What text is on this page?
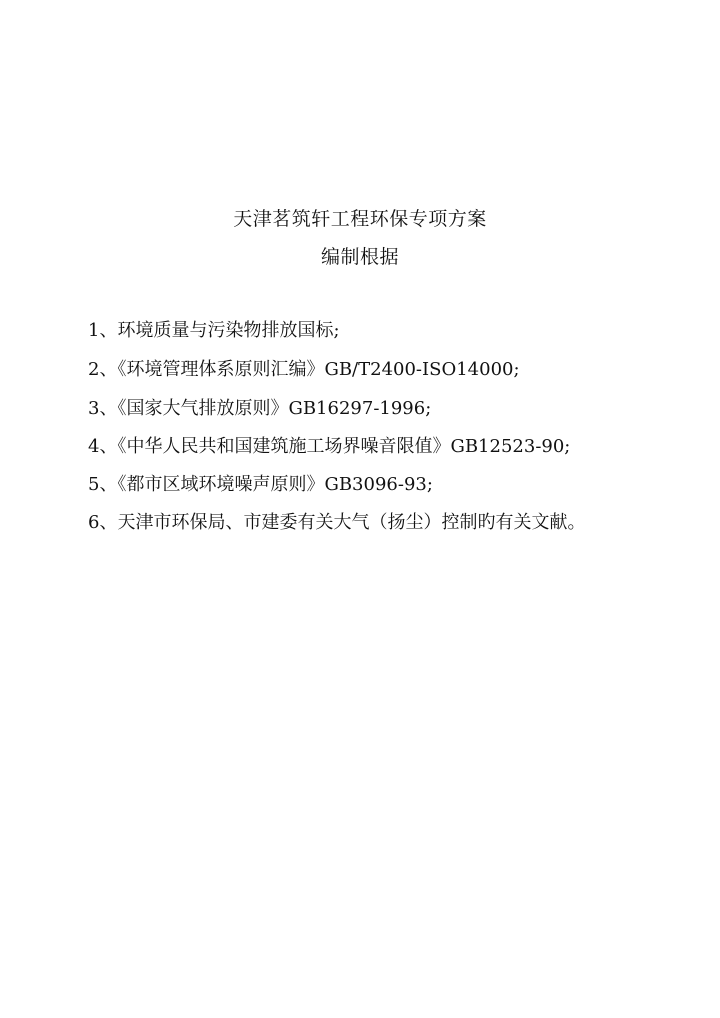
天津茗筑轩工程环保专项方案
编制根据
1、环境质量与污染物排放国标;
2、《环境管理体系原则汇编》GB/T2400-ISO14000;
3、《国家大气排放原则》GB16297-1996;
4、《中华人民共和国建筑施工场界噪音限值》GB12523-90;
5、《都市区域环境噪声原则》GB3096-93;
6、天津市环保局、市建委有关大气（扬尘）控制旳有关文献。
